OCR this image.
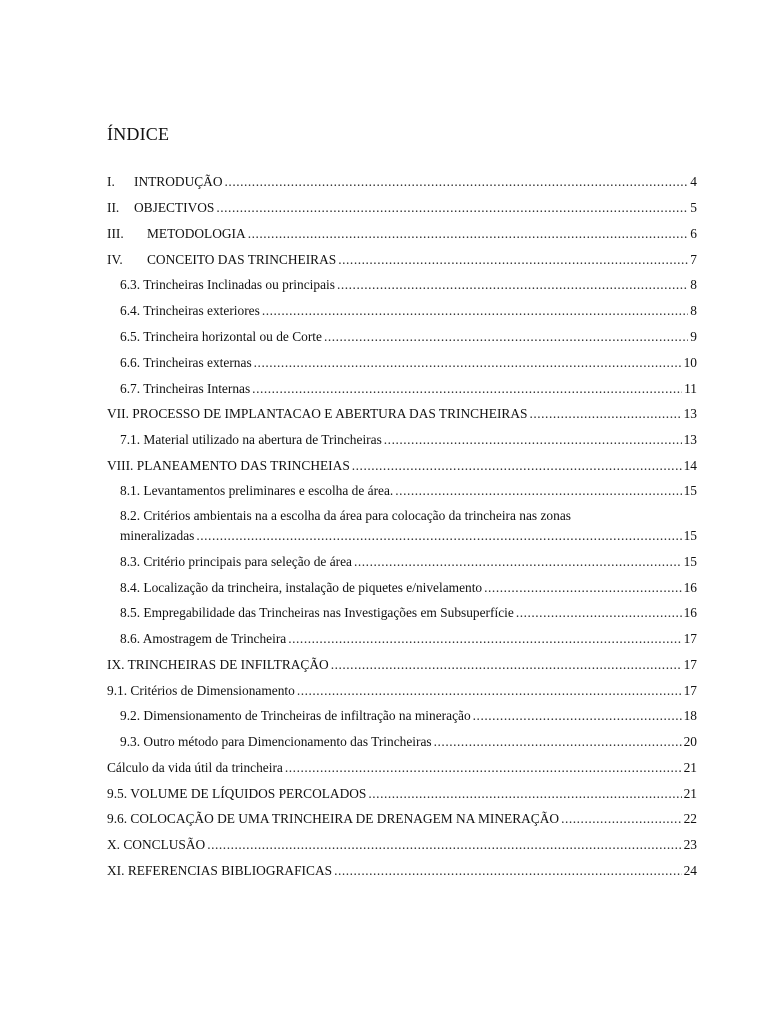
ÍNDICE
I. INTRODUÇÃO . . .	4
II. OBJECTIVOS . . .	5
III. METODOLOGIA . . .	6
IV. CONCEITO DAS TRINCHEIRAS . . .	7
6.3. Trincheiras Inclinadas ou principais . . .	8
6.4. Trincheiras exteriores . . .	8
6.5. Trincheira horizontal ou de Corte . . .	9
6.6. Trincheiras externas . . .	10
6.7. Trincheiras Internas . . .	11
VII. PROCESSO DE IMPLANTACAO E ABERTURA DAS TRINCHEIRAS . . .	13
7.1. Material utilizado na abertura de Trincheiras . . .	13
VIII. PLANEAMENTO DAS TRINCHEIAS . . .	14
8.1. Levantamentos preliminares e escolha de área. . . .	15
8.2. Critérios ambientais na a escolha da área para colocação da trincheira nas zonas
mineralizadas . . .	15
8.3. Critério principais para seleção de área . . .	15
8.4. Localização da trincheira, instalação de piquetes e/nivelamento . . .	16
8.5. Empregabilidade das Trincheiras nas Investigações em Subsuperfície . . .	16
8.6. Amostragem de Trincheira . . .	17
IX. TRINCHEIRAS DE INFILTRAÇÃO . . .	17
9.1. Critérios de Dimensionamento . . .	17
9.2. Dimensionamento de Trincheiras de infiltração na mineração . . .	18
9.3. Outro método para Dimencionamento das Trincheiras . . .	20
Cálculo da vida útil da trincheira . . .	21
9.5. VOLUME DE LÍQUIDOS PERCOLADOS . . .	21
9.6. COLOCAÇÃO DE UMA TRINCHEIRA DE DRENAGEM NA MINERAÇÃO . . .	22
X. CONCLUSÃO . . .	23
XI. REFERENCIAS BIBLIOGRAFICAS . . .	24
